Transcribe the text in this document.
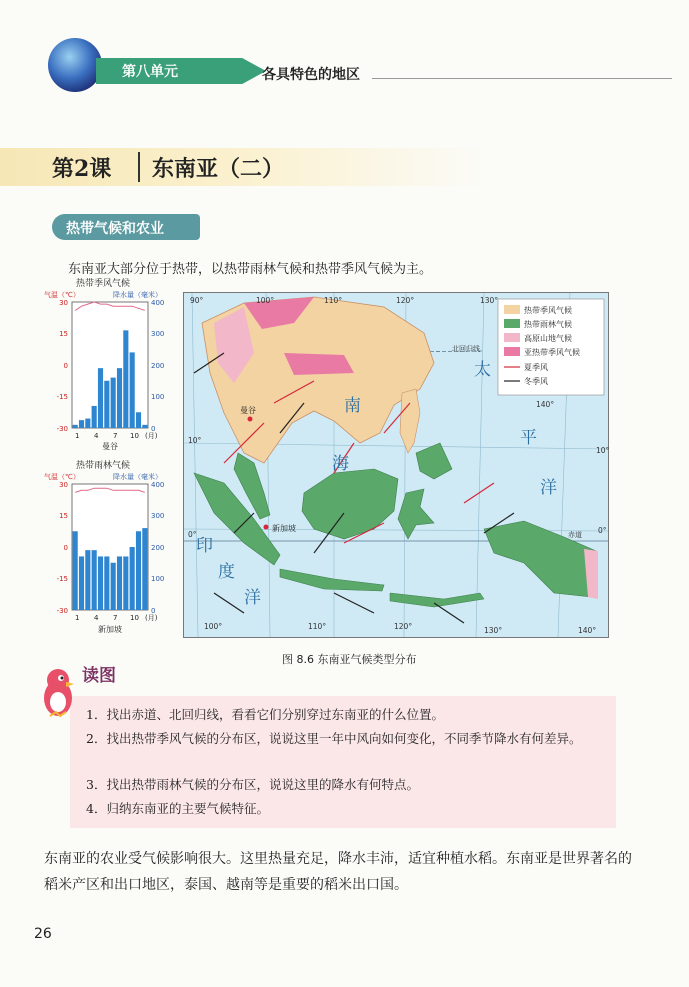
第八单元	各具特色的地区
第2课 东南亚（二）
热带气候和农业
东南亚大部分位于热带，以热带雨林气候和热带季风气候为主。
热带季风气候
气温（℃）	降水量（毫米）
30
15
0
-15
-30
400
300
200
100
0
1 4 7 10 (月)
曼谷
热带雨林气候
气温（℃）	降水量（毫米）
30
15
0
-15
-30
400
300
200
100
0
1 4 7 10 (月)
新加坡
曼谷
新加坡
90°	100°	110°	120°	130°
140°
100°	110°	120°	130°	140°
10°
10°
0°	0°
北回归线
赤道
太
平
洋
南
海
印
度
洋
热带季风气候
热带雨林气候
高原山地气候
亚热带季风气候
夏季风
冬季风
图 8.6 东南亚气候类型分布
读图
1．找出赤道、北回归线，看看它们分别穿过东南亚的什么位置。
2．找出热带季风气候的分布区，说说这里一年中风向如何变化，不同季节降水有何差异。
3．找出热带雨林气候的分布区，说说这里的降水有何特点。
4．归纳东南亚的主要气候特征。
东南亚的农业受气候影响很大。这里热量充足，降水丰沛，适宜种植水稻。东南亚是世界著名的稻米产区和出口地区，泰国、越南等是重要的稻米出口国。
26
